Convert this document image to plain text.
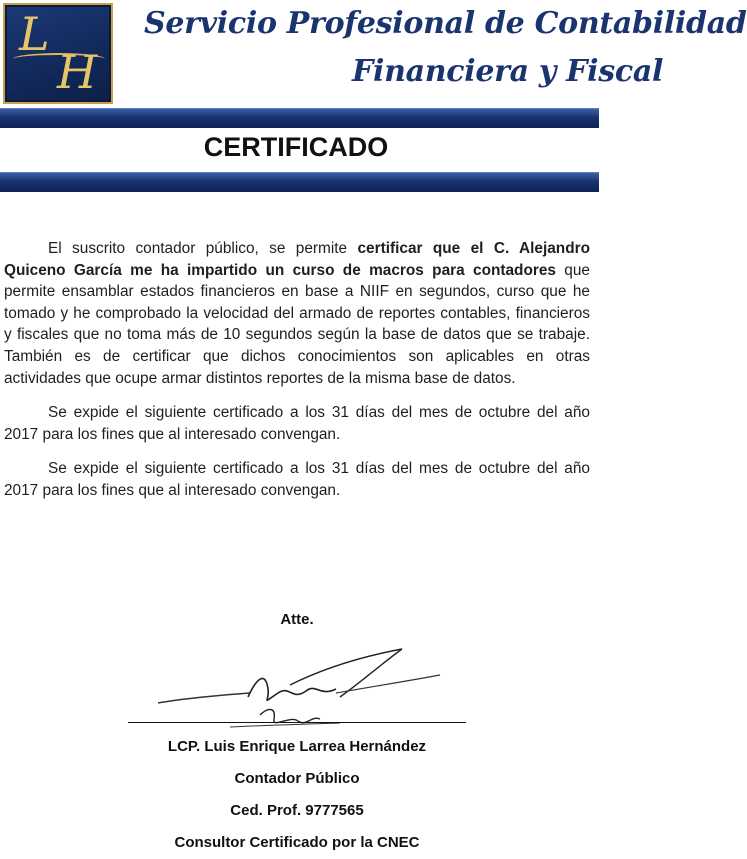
L
H
Servicio Profesional de Contabilidad
Financiera y Fiscal
CERTIFICADO
El suscrito contador público, se permite certificar que el C. Alejandro Quiceno García me ha impartido un curso de macros para contadores que permite ensamblar estados financieros en base a NIIF en segundos, curso que he tomado y he comprobado la velocidad del armado de reportes contables, financieros y fiscales que no toma más de 10 segundos según la base de datos que se trabaje. También es de certificar que dichos conocimientos son aplicables en otras actividades que ocupe armar distintos reportes de la misma base de datos.
Se expide el siguiente certificado a los 31 días del mes de octubre del año 2017 para los fines que al interesado convengan.
Se expide el siguiente certificado a los 31 días del mes de octubre del año 2017 para los fines que al interesado convengan.
Atte.
LCP. Luis Enrique Larrea Hernández
Contador Público
Ced. Prof. 9777565
Consultor Certificado por la CNEC
